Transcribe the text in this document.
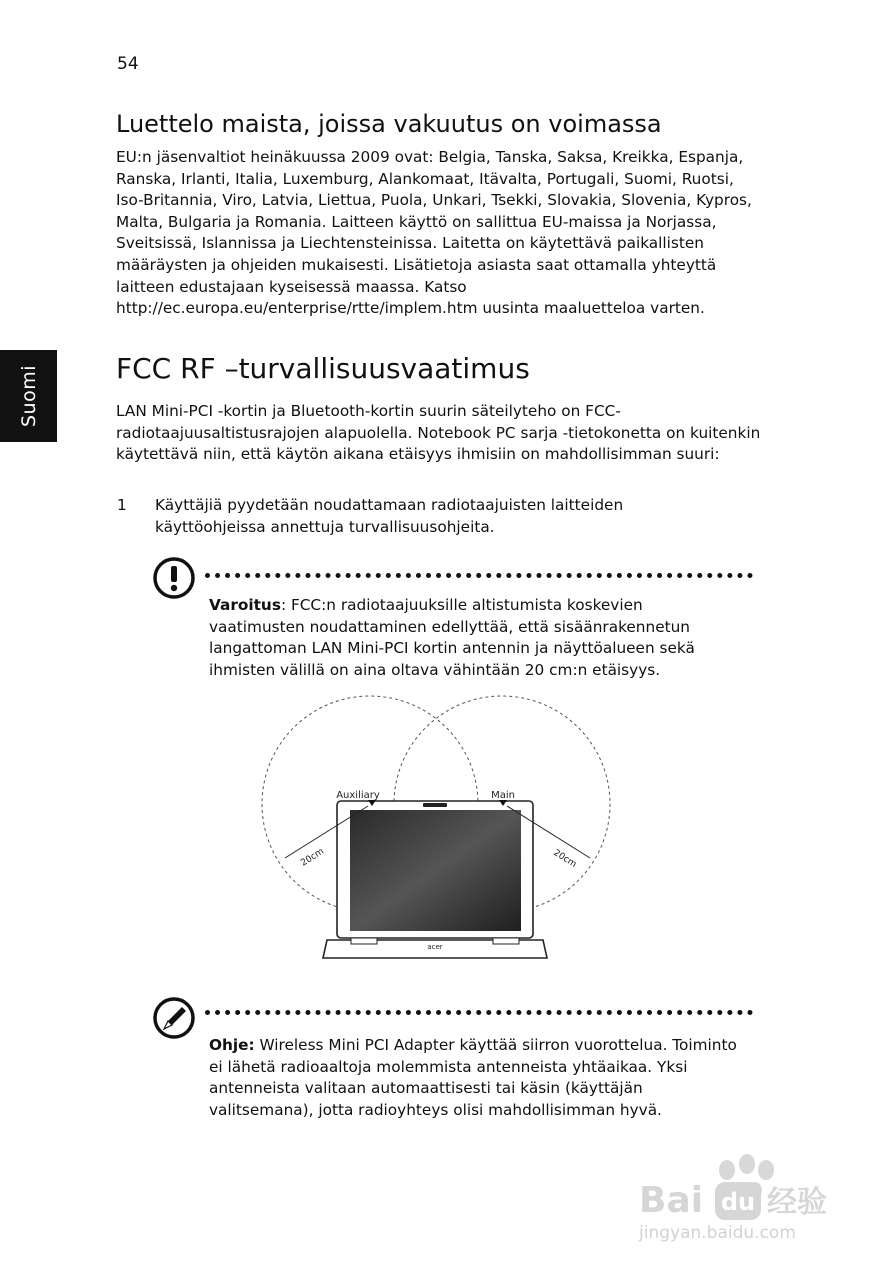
54
Suomi
Luettelo maista, joissa vakuutus on voimassa

EU:n jäsenvaltiot heinäkuussa 2009 ovat: Belgia, Tanska, Saksa, Kreikka, Espanja, Ranska, Irlanti, Italia, Luxemburg, Alankomaat, Itävalta, Portugali, Suomi, Ruotsi, Iso-Britannia, Viro, Latvia, Liettua, Puola, Unkari, Tsekki, Slovakia, Slovenia, Kypros, Malta, Bulgaria ja Romania. Laitteen käyttö on sallittua EU-maissa ja Norjassa, Sveitsissä, Islannissa ja Liechtensteinissa. Laitetta on käytettävä paikallisten määräysten ja ohjeiden mukaisesti. Lisätietoja asiasta saat ottamalla yhteyttä laitteen edustajaan kyseisessä maassa. Katso http://ec.europa.eu/enterprise/rtte/implem.htm uusinta maaluetteloa varten.

FCC RF –turvallisuusvaatimus

LAN Mini-PCI -kortin ja Bluetooth-kortin suurin säteilyteho on FCC-radiotaajuusaltistusrajojen alapuolella. Notebook PC sarja -tietokonetta on kuitenkin käytettävä niin, että käytön aikana etäisyys ihmisiin on mahdollisimman suuri:

1 Käyttäjiä pyydetään noudattamaan radiotaajuisten laitteiden käyttöohjeissa annettuja turvallisuusohjeita.

Varoitus: FCC:n radiotaajuuksille altistumista koskevien vaatimusten noudattaminen edellyttää, että sisäänrakennetun langattoman LAN Mini-PCI kortin antennin ja näyttöalueen sekä ihmisten välillä on aina oltava vähintään 20 cm:n etäisyys.

acer
Auxiliary	Main
20cm	20cm

Ohje: Wireless Mini PCI Adapter käyttää siirron vuorottelua. Toiminto ei lähetä radioaaltoja molemmista antenneista yhtäaikaa. Yksi antenneista valitaan automaattisesti tai käsin (käyttäjän valitsemana), jotta radioyhteys olisi mahdollisimman hyvä.

Bai du 经验
jingyan.baidu.com
